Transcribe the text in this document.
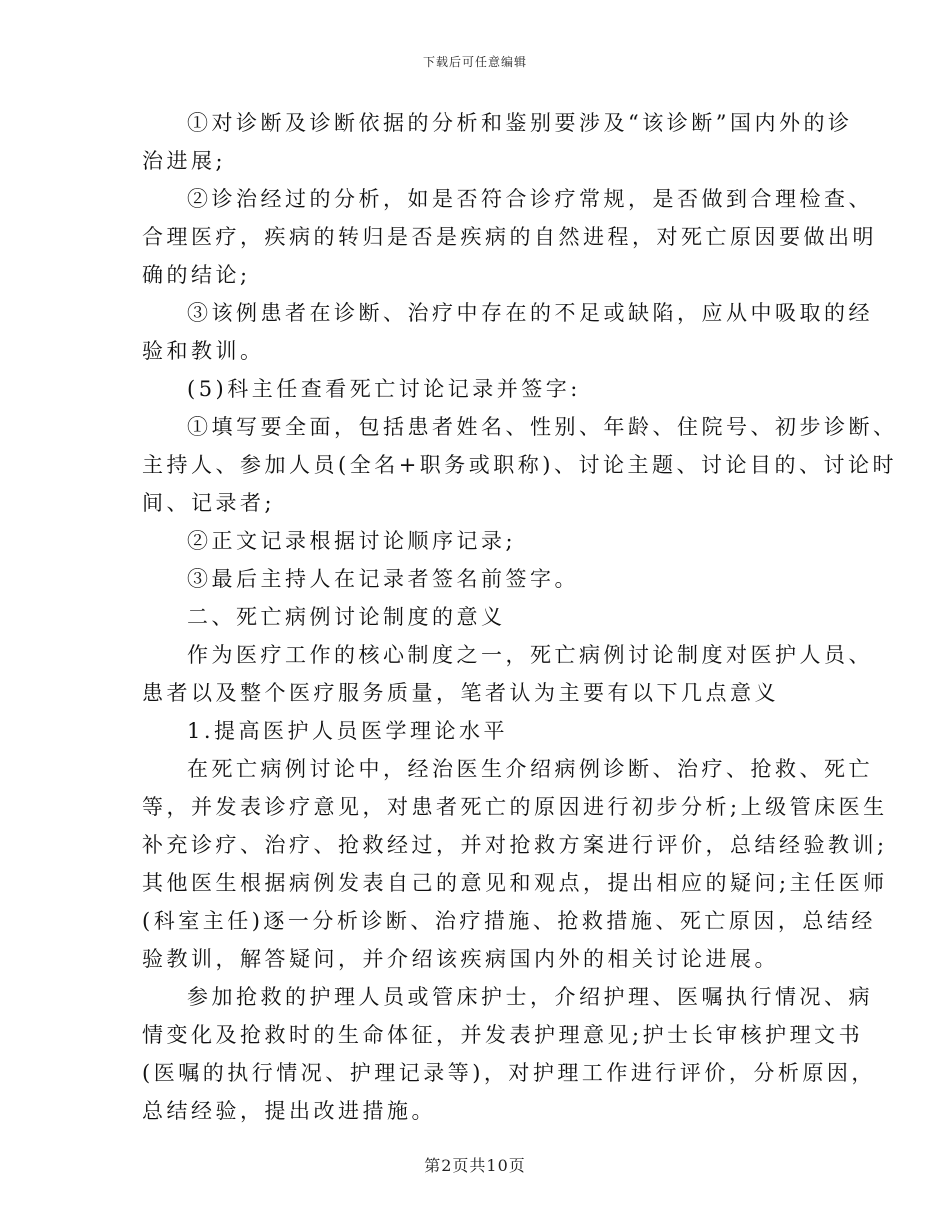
下载后可任意编辑
①对诊断及诊断依据的分析和鉴别要涉及“该诊断”国内外的诊
治进展;
②诊治经过的分析，如是否符合诊疗常规，是否做到合理检查、
合理医疗，疾病的转归是否是疾病的自然进程，对死亡原因要做出明
确的结论;
③该例患者在诊断、治疗中存在的不足或缺陷，应从中吸取的经
验和教训。
(5)科主任查看死亡讨论记录并签字:
①填写要全面，包括患者姓名、性别、年龄、住院号、初步诊断、
主持人、参加人员(全名+职务或职称)、讨论主题、讨论目的、讨论时
间、记录者;
②正文记录根据讨论顺序记录;
③最后主持人在记录者签名前签字。
二、死亡病例讨论制度的意义
作为医疗工作的核心制度之一，死亡病例讨论制度对医护人员、
患者以及整个医疗服务质量，笔者认为主要有以下几点意义
1.提高医护人员医学理论水平
在死亡病例讨论中，经治医生介绍病例诊断、治疗、抢救、死亡
等，并发表诊疗意见，对患者死亡的原因进行初步分析;上级管床医生
补充诊疗、治疗、抢救经过，并对抢救方案进行评价，总结经验教训;
其他医生根据病例发表自己的意见和观点，提出相应的疑问;主任医师
(科室主任)逐一分析诊断、治疗措施、抢救措施、死亡原因，总结经
验教训，解答疑问，并介绍该疾病国内外的相关讨论进展。
参加抢救的护理人员或管床护士，介绍护理、医嘱执行情况、病
情变化及抢救时的生命体征，并发表护理意见;护士长审核护理文书
(医嘱的执行情况、护理记录等)，对护理工作进行评价，分析原因，
总结经验，提出改进措施。
第2页共10页
